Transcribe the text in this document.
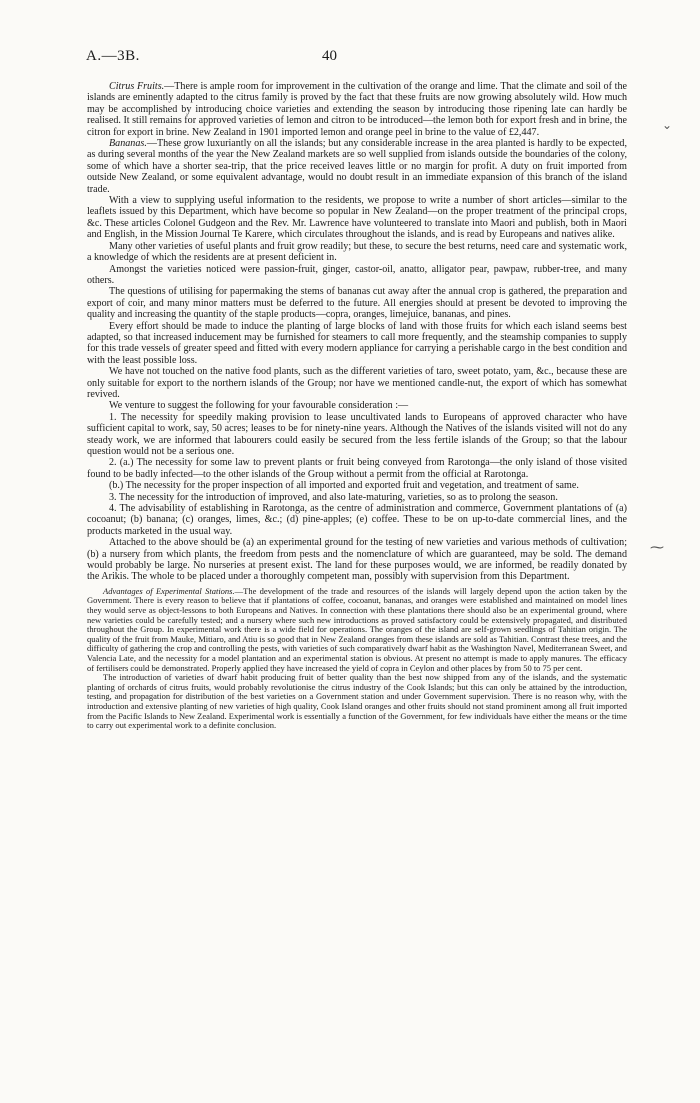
A.—3B.	40

Citrus Fruits.—There is ample room for improvement in the cultivation of the orange and lime. That the climate and soil of the islands are eminently adapted to the citrus family is proved by the fact that these fruits are now growing absolutely wild. How much may be accomplished by introducing choice varieties and extending the season by introducing those ripening late can hardly be realised. It still remains for approved varieties of lemon and citron to be introduced—the lemon both for export fresh and in brine, the citron for export in brine. New Zealand in 1901 imported lemon and orange peel in brine to the value of £2,447.

Bananas.—These grow luxuriantly on all the islands; but any considerable increase in the area planted is hardly to be expected, as during several months of the year the New Zealand markets are so well supplied from islands outside the boundaries of the colony, some of which have a shorter sea-trip, that the price received leaves little or no margin for profit. A duty on fruit imported from outside New Zealand, or some equivalent advantage, would no doubt result in an immediate expansion of this branch of the island trade.

With a view to supplying useful information to the residents, we propose to write a number of short articles—similar to the leaflets issued by this Department, which have become so popular in New Zealand—on the proper treatment of the principal crops, &c. These articles Colonel Gudgeon and the Rev. Mr. Lawrence have volunteered to translate into Maori and publish, both in Maori and English, in the Mission Journal Te Karere, which circulates throughout the islands, and is read by Europeans and natives alike.

Many other varieties of useful plants and fruit grow readily; but these, to secure the best returns, need care and systematic work, a knowledge of which the residents are at present deficient in.

Amongst the varieties noticed were passion-fruit, ginger, castor-oil, anatto, alligator pear, pawpaw, rubber-tree, and many others.

The questions of utilising for papermaking the stems of bananas cut away after the annual crop is gathered, the preparation and export of coir, and many minor matters must be deferred to the future. All energies should at present be devoted to improving the quality and increasing the quantity of the staple products—copra, oranges, limejuice, bananas, and pines.

Every effort should be made to induce the planting of large blocks of land with those fruits for which each island seems best adapted, so that increased inducement may be furnished for steamers to call more frequently, and the steamship companies to supply for this trade vessels of greater speed and fitted with every modern appliance for carrying a perishable cargo in the best condition and with the least possible loss.

We have not touched on the native food plants, such as the different varieties of taro, sweet potato, yam, &c., because these are only suitable for export to the northern islands of the Group; nor have we mentioned candle-nut, the export of which has somewhat revived.

We venture to suggest the following for your favourable consideration :—

1. The necessity for speedily making provision to lease uncultivated lands to Europeans of approved character who have sufficient capital to work, say, 50 acres; leases to be for ninety-nine years. Although the Natives of the islands visited will not do any steady work, we are informed that labourers could easily be secured from the less fertile islands of the Group; so that the labour question would not be a serious one.

2. (a.) The necessity for some law to prevent plants or fruit being conveyed from Rarotonga—the only island of those visited found to be badly infected—to the other islands of the Group without a permit from the official at Rarotonga.

(b.) The necessity for the proper inspection of all imported and exported fruit and vegetation, and treatment of same.

3. The necessity for the introduction of improved, and also late-maturing, varieties, so as to prolong the season.

4. The advisability of establishing in Rarotonga, as the centre of administration and commerce, Government plantations of (a) cocoanut; (b) banana; (c) oranges, limes, &c.; (d) pine-apples; (e) coffee. These to be on up-to-date commercial lines, and the products marketed in the usual way.

Attached to the above should be (a) an experimental ground for the testing of new varieties and various methods of cultivation; (b) a nursery from which plants, the freedom from pests and the nomenclature of which are guaranteed, may be sold. The demand would probably be large. No nurseries at present exist. The land for these purposes would, we are informed, be readily donated by the Arikis. The whole to be placed under a thoroughly competent man, possibly with supervision from this Department.

Advantages of Experimental Stations.—The development of the trade and resources of the islands will largely depend upon the action taken by the Government. There is every reason to believe that if plantations of coffee, cocoanut, bananas, and oranges were established and maintained on model lines they would serve as object-lessons to both Europeans and Natives. In connection with these plantations there should also be an experimental ground, where new varieties could be carefully tested; and a nursery where such new introductions as proved satisfactory could be extensively propagated, and distributed throughout the Group. In experimental work there is a wide field for operations. The oranges of the island are self-grown seedlings of Tahitian origin. The quality of the fruit from Mauke, Mitiaro, and Atiu is so good that in New Zealand oranges from these islands are sold as Tahitian. Contrast these trees, and the difficulty of gathering the crop and controlling the pests, with varieties of such comparatively dwarf habit as the Washington Navel, Mediterranean Sweet, and Valencia Late, and the necessity for a model plantation and an experimental station is obvious. At present no attempt is made to apply manures. The efficacy of fertilisers could be demonstrated. Properly applied they have increased the yield of copra in Ceylon and other places by from 50 to 75 per cent.

The introduction of varieties of dwarf habit producing fruit of better quality than the best now shipped from any of the islands, and the systematic planting of orchards of citrus fruits, would probably revolutionise the citrus industry of the Cook Islands; but this can only be attained by the introduction, testing, and propagation for distribution of the best varieties on a Government station and under Government supervision. There is no reason why, with the introduction and extensive planting of new varieties of high quality, Cook Island oranges and other fruits should not stand prominent among all fruit imported from the Pacific Islands to New Zealand. Experimental work is essentially a function of the Government, for few individuals have either the means or the time to carry out experimental work to a definite conclusion.

⌄
⁓
